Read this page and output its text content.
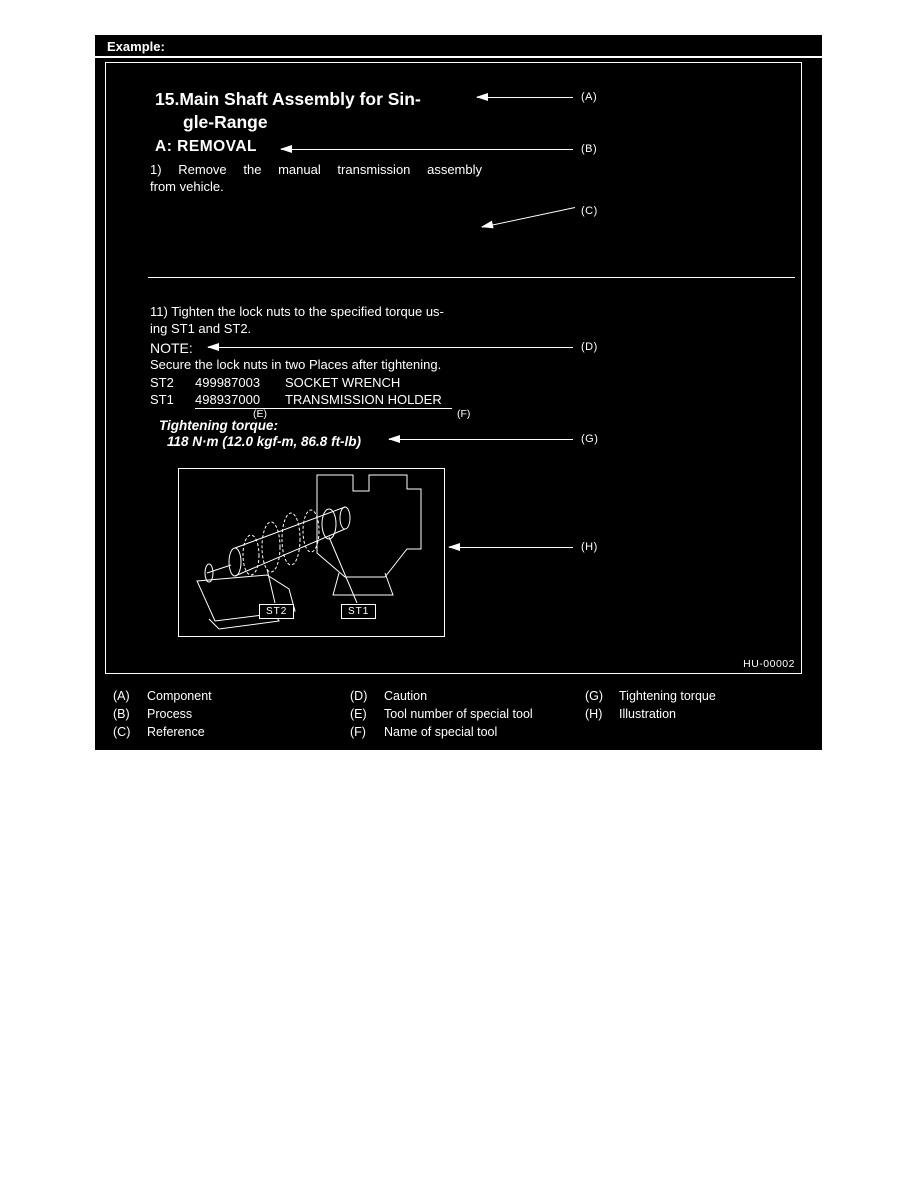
Example:
HU-00002
15.Main Shaft Assembly for Sin-
gle-Range
A: REMOVAL
1) Remove the manual transmission assembly
from vehicle.
11) Tighten the lock nuts to the specified torque us-
ing ST1 and ST2.
NOTE:
Secure the lock nuts in two Places after tightening.
ST2 499987003 SOCKET WRENCH
ST1 498937000 TRANSMISSION HOLDER
(E)	(F)
Tightening torque:
118 N·m (12.0 kgf-m, 86.8 ft-lb)
ST2	ST1
(A)
(B)
(C)
(D)
(G)
(H)
(A) Component
(B) Process
(C) Reference
(D) Caution
(E) Tool number of special tool
(F) Name of special tool
(G) Tightening torque
(H) Illustration
